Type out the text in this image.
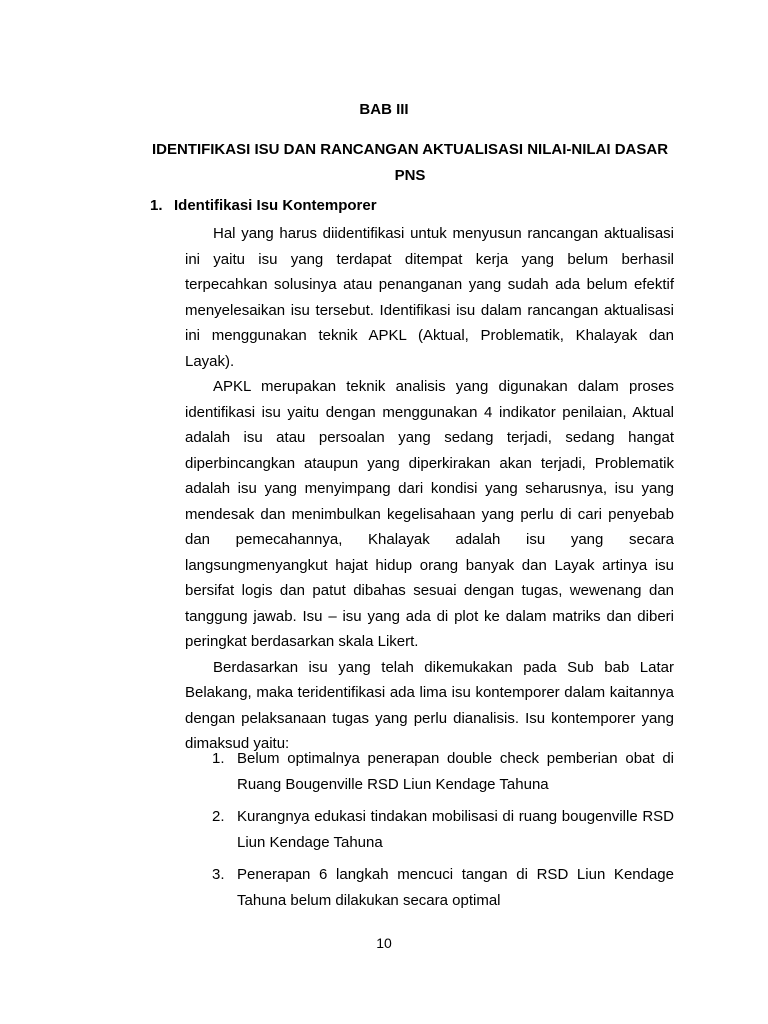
BAB III
IDENTIFIKASI ISU DAN RANCANGAN AKTUALISASI NILAI-NILAI DASAR PNS
1. Identifikasi Isu Kontemporer

Hal yang harus diidentifikasi untuk menyusun rancangan aktualisasi ini yaitu isu yang terdapat ditempat kerja yang belum berhasil terpecahkan solusinya atau penanganan yang sudah ada belum efektif menyelesaikan isu tersebut. Identifikasi isu dalam rancangan aktualisasi ini menggunakan teknik APKL (Aktual, Problematik, Khalayak dan Layak).

APKL merupakan teknik analisis yang digunakan dalam proses identifikasi isu yaitu dengan menggunakan 4 indikator penilaian, Aktual adalah isu atau persoalan yang sedang terjadi, sedang hangat diperbincangkan ataupun yang diperkirakan akan terjadi, Problematik adalah isu yang menyimpang dari kondisi yang seharusnya, isu yang mendesak dan menimbulkan kegelisahaan yang perlu di cari penyebab dan pemecahannya, Khalayak adalah isu yang secara langsungmenyangkut hajat hidup orang banyak dan Layak artinya isu bersifat logis dan patut dibahas sesuai dengan tugas, wewenang dan tanggung jawab. Isu – isu yang ada di plot ke dalam matriks dan diberi peringkat berdasarkan skala Likert.

Berdasarkan isu yang telah dikemukakan pada Sub bab Latar Belakang, maka teridentifikasi ada lima isu kontemporer dalam kaitannya dengan pelaksanaan tugas yang perlu dianalisis. Isu kontemporer yang dimaksud yaitu:

1. Belum optimalnya penerapan double check pemberian obat di Ruang Bougenville RSD Liun Kendage Tahuna
2. Kurangnya edukasi tindakan mobilisasi di ruang bougenville RSD Liun Kendage Tahuna
3. Penerapan 6 langkah mencuci tangan di RSD Liun Kendage Tahuna belum dilakukan secara optimal
10
